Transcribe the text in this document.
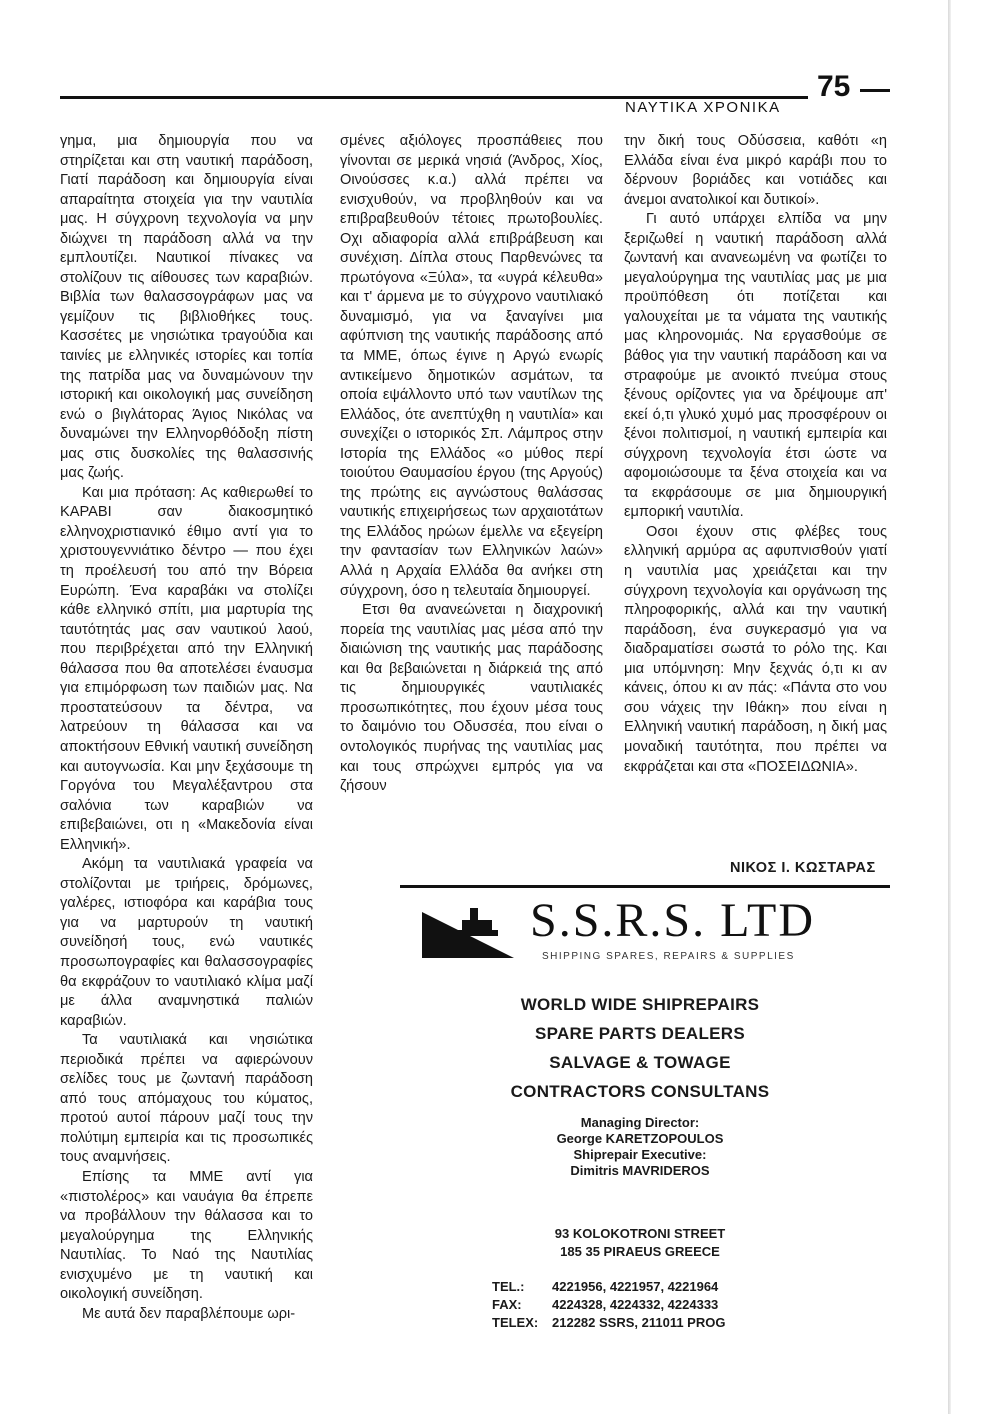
ΝΑΥΤΙΚΑ ΧΡΟΝΙΚΑ
75

γημα, μια δημιουργία που να στηρίζεται και στη ναυτική παράδοση, Γιατί παράδοση και δημιουργία είναι απαραίτητα στοιχεία για την ναυτιλία μας. Η σύγχρονη τεχνολογία να μην διώχνει τη παράδοση αλλά να την εμπλουτίζει. Ναυτικοί πίνακες να στολίζουν τις αίθουσες των καραβιών. Βιβλία των θαλασσογράφων μας να γεμίζουν τις βιβλιοθήκες τους. Κασσέτες με νησιώτικα τραγούδια και ταινίες με ελληνικές ιστορίες και τοπία της πατρίδα μας να δυναμώνουν την ιστορική και οικολογική μας συνείδηση ενώ ο βιγλάτορας Άγιος Νικόλας να δυναμώνει την Ελληνορθόδοξη πίστη μας στις δυσκολίες της θαλασσινής μας ζωής.

Και μια πρόταση: Ας καθιερωθεί το ΚΑΡΑΒΙ σαν διακοσμητικό ελληνοχριστιανικό έθιμο αντί για το χριστουγεννιάτικο δέντρο — που έχει τη προέλευσή του από την Βόρεια Ευρώπη. Ένα καραβάκι να στολίζει κάθε ελληνικό σπίτι, μια μαρτυρία της ταυτότητάς μας σαν ναυτικού λαού, που περιβρέχεται από την Ελληνική θάλασσα που θα αποτελέσει έναυσμα για επιμόρφωση των παιδιών μας. Να προστατεύσουν τα δέντρα, να λατρεύουν τη θάλασσα και να αποκτήσουν Εθνική ναυτική συνείδηση και αυτογνωσία. Και μην ξεχάσουμε τη Γοργόνα του Μεγαλέξαντρου στα σαλόνια των καραβιών να επιβεβαιώνει, οτι η «Μακεδονία είναι Ελληνική».

Ακόμη τα ναυτιλιακά γραφεία να στολίζονται με τριήρεις, δρόμωνες, γαλέρες, ιστιοφόρα και καράβια τους για να μαρτυρούν τη ναυτική συνείδησή τους, ενώ ναυτικές προσωπογραφίες και θαλασσογραφίες θα εκφράζουν το ναυτιλιακό κλίμα μαζί με άλλα αναμνηστικά παλιών καραβιών.

Τα ναυτιλιακά και νησιώτικα περιοδικά πρέπει να αφιερώνουν σελίδες τους με ζωντανή παράδοση από τους απόμαχους του κύματος, προτού αυτοί πάρουν μαζί τους την πολύτιμη εμπειρία και τις προσωπικές τους αναμνήσεις.

Επίσης τα ΜΜΕ αντί για «πιστολέρος» και ναυάγια θα έπρεπε να προβάλλουν την θάλασσα και το μεγαλούργημα της Ελληνικής Ναυτιλίας. Το Ναό της Ναυτιλίας ενισχυμένο με τη ναυτική και οικολογική συνείδηση.

Με αυτά δεν παραβλέπουμε ωρι-

σμένες αξιόλογες προσπάθειες που γίνονται σε μερικά νησιά (Άνδρος, Χίος, Οινούσσες κ.α.) αλλά πρέπει να ενισχυθούν, να προβληθούν και να επιβραβευθούν τέτοιες πρωτοβουλίες. Οχι αδιαφορία αλλά επιβράβευση και συνέχιση. Δίπλα στους Παρθενώνες τα πρωτόγονα «Ξύλα», τα «υγρά κέλευθα» και τ' άρμενα με το σύγχρονο ναυτιλιακό δυναμισμό, για να ξαναγίνει μια αφύπνιση της ναυτικής παράδοσης από τα ΜΜΕ, όπως έγινε η Αργώ ενωρίς αντικείμενο δημοτικών ασμάτων, τα οποία εψάλλοντο υπό των ναυτίλων της Ελλάδος, ότε ανεπτύχθη η ναυτιλία» και συνεχίζει ο ιστορικός Σπ. Λάμπρος στην Ιστορία της Ελλάδος «ο μύθος περί τοιούτου Θαυμασίου έργου (της Αργούς) της πρώτης εις αγνώστους θαλάσσας ναυτικής επιχειρήσεως των αρχαιοτάτων της Ελλάδος ηρώων έμελλε να εξεγείρη την φαντασίαν των Ελληνικών λαών» Αλλά η Αρχαία Ελλάδα θα ανήκει στη σύγχρονη, όσο η τελευταία δημιουργεί.

Ετσι θα ανανεώνεται η διαχρονική πορεία της ναυτιλίας μας μέσα από την διαιώνιση της ναυτικής μας παράδοσης και θα βεβαιώνεται η διάρκειά της από τις δημιουργικές ναυτιλιακές προσωπικότητες, που έχουν μέσα τους το δαιμόνιο του Οδυσσέα, που είναι ο οντολογικός πυρήνας της ναυτιλίας μας και τους σπρώχνει εμπρός για να ζήσουν

την δική τους Οδύσσεια, καθότι «η Ελλάδα είναι ένα μικρό καράβι που το δέρνουν βοριάδες και νοτιάδες και άνεμοι ανατολικοί και δυτικοί».

Γι αυτό υπάρχει ελπίδα να μην ξεριζωθεί η ναυτική παράδοση αλλά ζωντανή και ανανεωμένη να φωτίζει το μεγαλούργημα της ναυτιλίας μας με μια προϋπόθεση ότι ποτίζεται και γαλουχείται με τα νάματα της ναυτικής μας κληρονομιάς. Να εργασθούμε σε βάθος για την ναυτική παράδοση και να στραφούμε με ανοικτό πνεύμα στους ξένους ορίζοντες για να δρέψουμε απ' εκεί ό,τι γλυκό χυμό μας προσφέρουν οι ξένοι πολιτισμοί, η ναυτική εμπειρία και σύγχρονη τεχνολογία έτσι ώστε να αφομοιώσουμε τα ξένα στοιχεία και να τα εκφράσουμε σε μια δημιουργική εμπορική ναυτιλία.

Οσοι έχουν στις φλέβες τους ελληνική αρμύρα ας αφυπνισθούν γιατί η ναυτιλία μας χρειάζεται και την σύγχρονη τεχνολογία και οργάνωση της πληροφορικής, αλλά και την ναυτική παράδοση, ένα συγκερασμό για να διαδραματίσει σωστά το ρόλο της. Και μια υπόμνηση: Μην ξεχνάς ό,τι κι αν κάνεις, όπου κι αν πάς: «Πάντα στο νου σου νάχεις την Ιθάκη» που είναι η Ελληνική ναυτική παράδοση, η δική μας μοναδική ταυτότητα, που πρέπει να εκφράζεται και στα «ΠΟΣΕΙΔΩΝΙΑ».

ΝΙΚΟΣ Ι. ΚΩΣΤΑΡΑΣ
S.S.R.S. LTD
SHIPPING SPARES, REPAIRS & SUPPLIES
WORLD WIDE SHIPREPAIRS
SPARE PARTS DEALERS
SALVAGE & TOWAGE
CONTRACTORS CONSULTANS
Managing Director:
George KARETZOPOULOS
Shiprepair Executive:
Dimitris MAVRIDEROS
93 KOLOKOTRONI STREET
185 35 PIRAEUS GREECE
TEL.: 4221956, 4221957, 4221964
FAX: 4224328, 4224332, 4224333
TELEX: 212282 SSRS, 211011 PROG
